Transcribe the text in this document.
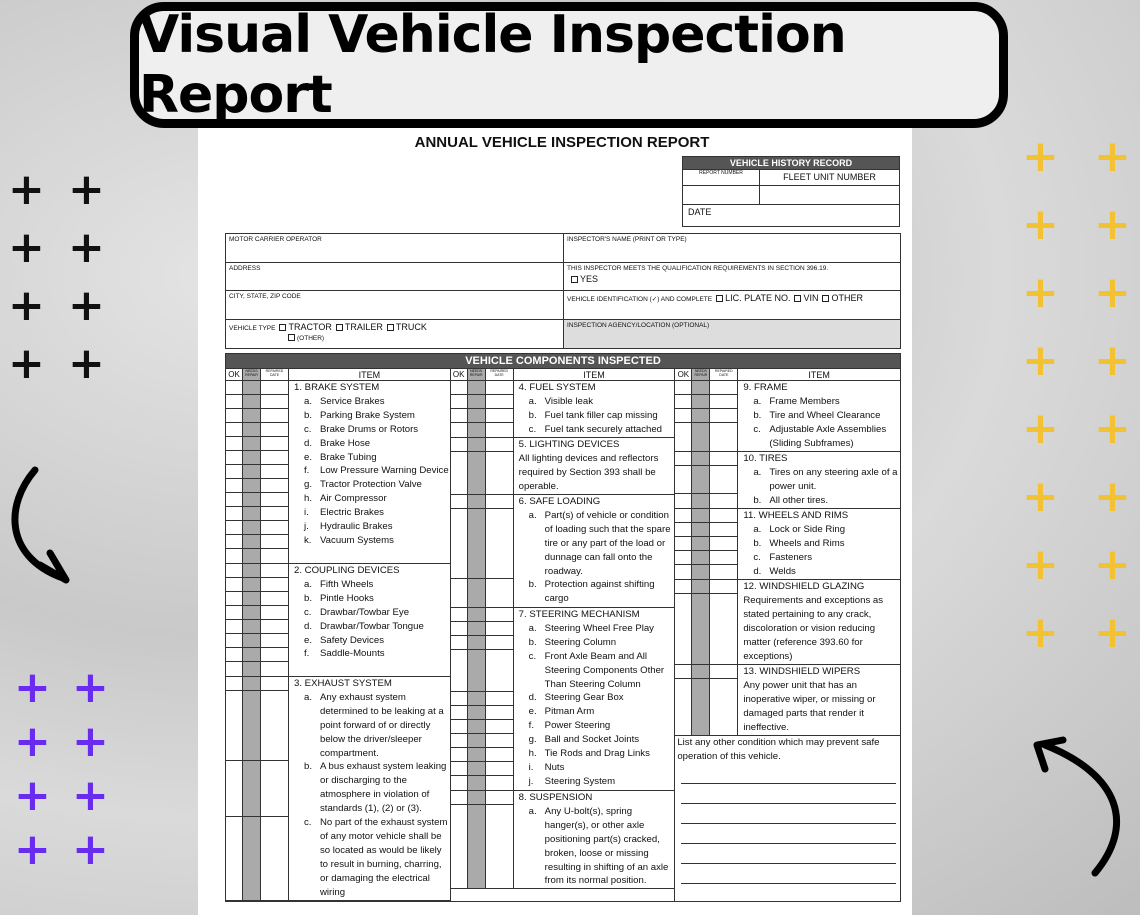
Visual Vehicle Inspection Report
+ +
+ +
+ +
+ +
+ +
+ +
+ +
+ +
+ +
+ +
+ +
+ +
+ +
+ +
+ +
+ +
ANNUAL VEHICLE INSPECTION REPORT
VEHICLE HISTORY RECORD
REPORT NUMBER	FLEET UNIT NUMBER
DATE
MOTOR CARRIER OPERATOR	INSPECTOR'S NAME (PRINT OR TYPE)
ADDRESS	THIS INSPECTOR MEETS THE QUALIFICATION REQUIREMENTS IN SECTION 396.19.
YES
CITY, STATE, ZIP CODE	VEHICLE IDENTIFICATION (✓) AND COMPLETE LIC. PLATE NO. VIN OTHER
VEHICLE TYPE TRACTOR TRAILER TRUCK
(OTHER)
INSPECTION AGENCY/LOCATION (OPTIONAL)
VEHICLE COMPONENTS INSPECTED
OK	NEEDS REPAIR
REPAIRED DATE	ITEM
1. BRAKE SYSTEM
a. Service Brakes
b. Parking Brake System
c. Brake Drums or Rotors
d. Brake Hose
e. Brake Tubing
f.	Low Pressure Warning Device
g. Tractor Protection Valve
h. Air Compressor
i.	Electric Brakes
j.	Hydraulic Brakes
k. Vacuum Systems
2. COUPLING DEVICES
a. Fifth Wheels
b. Pintle Hooks
c. Drawbar/Towbar Eye
d. Drawbar/Towbar Tongue
e. Safety Devices
f.	Saddle-Mounts
3. EXHAUST SYSTEM
a. Any exhaust system determined to be leaking at a point forward of or directly below the driver/sleeper compartment.
b. A bus exhaust system leaking or discharging to the atmosphere in violation of standards (1), (2) or (3).
c. No part of the exhaust system of any motor vehicle shall be so located as would be likely to result in burning, charring, or damaging the electrical wiring
OK	NEEDS REPAIR
REPAIRED DATE	ITEM
4. FUEL SYSTEM
a. Visible leak
b. Fuel tank filler cap missing
c. Fuel tank securely attached
5. LIGHTING DEVICES
All lighting devices and reflectors required by Section 393 shall be operable.
6. SAFE LOADING
a. Part(s) of vehicle or condition of loading such that the spare tire or any part of the load or dunnage can fall onto the roadway.
b. Protection against shifting cargo
7. STEERING MECHANISM
a. Steering Wheel Free Play
b. Steering Column
c. Front Axle Beam and All Steering Components Other Than Steering Column
d. Steering Gear Box
e. Pitman Arm
f.	Power Steering
g. Ball and Socket Joints
h. Tie Rods and Drag Links
i.	Nuts
j.	Steering System
8. SUSPENSION
a. Any U-bolt(s), spring hanger(s), or other axle positioning part(s) cracked, broken, loose or missing resulting in shifting of an axle from its normal position.
OK	NEEDS REPAIR
REPAIRED DATE	ITEM
9. FRAME
a. Frame Members
b. Tire and Wheel Clearance
c. Adjustable Axle Assemblies (Sliding Subframes)
10. TIRES
a. Tires on any steering axle of a power unit.
b. All other tires.
11. WHEELS AND RIMS
a. Lock or Side Ring
b. Wheels and Rims
c. Fasteners
d. Welds
12. WINDSHIELD GLAZING
Requirements and exceptions as stated pertaining to any crack, discoloration or vision reducing matter (reference 393.60 for exceptions)
13. WINDSHIELD WIPERS
Any power unit that has an inoperative wiper, or missing or damaged parts that render it ineffective.
List any other condition which may prevent safe operation of this vehicle.
